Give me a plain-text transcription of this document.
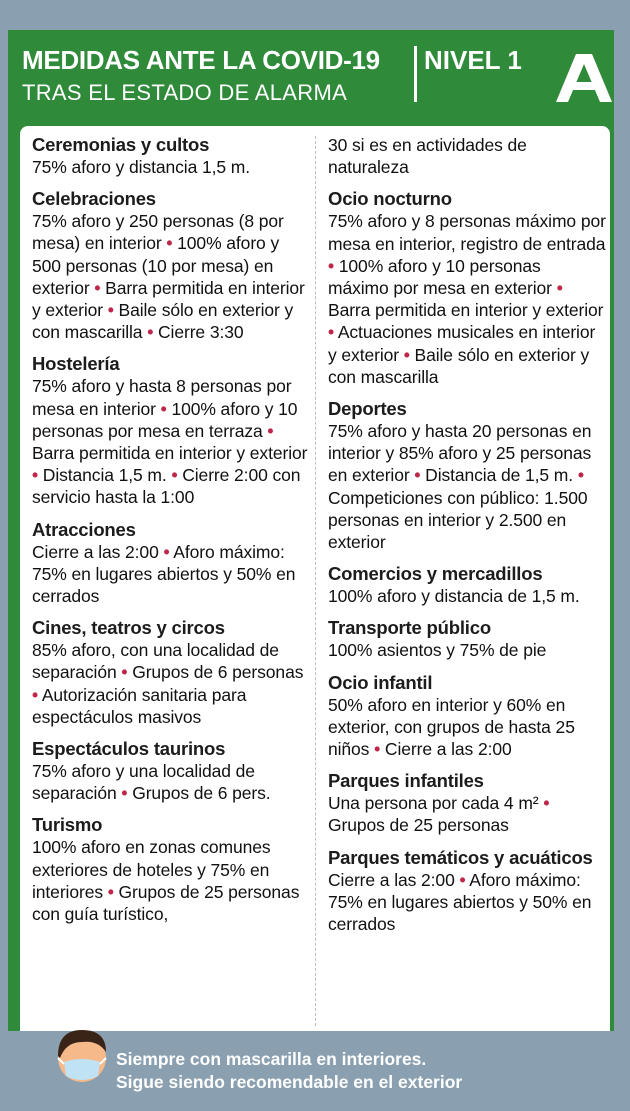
MEDIDAS ANTE LA COVID-19 NIVEL 1
TRAS EL ESTADO DE ALARMA
Ceremonias y cultos
75% aforo y distancia 1,5 m.
Celebraciones
75% aforo y 250 personas (8 por mesa) en interior • 100% aforo y 500 personas (10 por mesa) en exterior • Barra permitida en interior y exterior • Baile sólo en exterior y con mascarilla • Cierre 3:30
Hostelería
75% aforo y hasta 8 personas por mesa en interior • 100% aforo y 10 personas por mesa en terraza • Barra permitida en interior y exterior • Distancia 1,5 m. • Cierre 2:00 con servicio hasta la 1:00
Atracciones
Cierre a las 2:00 • Aforo máximo: 75% en lugares abiertos y 50% en cerrados
Cines, teatros y circos
85% aforo, con una localidad de separación • Grupos de 6 personas • Autorización sanitaria para espectáculos masivos
Espectáculos taurinos
75% aforo y una localidad de separación • Grupos de 6 pers.
Turismo
100% aforo en zonas comunes exteriores de hoteles y 75% en interiores • Grupos de 25 personas con guía turístico,
30 si es en actividades de naturaleza
Ocio nocturno
75% aforo y 8 personas máximo por mesa en interior, registro de entrada • 100% aforo y 10 personas máximo por mesa en exterior • Barra permitida en interior y exterior • Actuaciones musicales en interior y exterior • Baile sólo en exterior y con mascarilla
Deportes
75% aforo y hasta 20 personas en interior y 85% aforo y 25 personas en exterior • Distancia de 1,5 m. • Competiciones con público: 1.500 personas en interior y 2.500 en exterior
Comercios y mercadillos
100% aforo y distancia de 1,5 m.
Transporte público
100% asientos y 75% de pie
Ocio infantil
50% aforo en interior y 60% en exterior, con grupos de hasta 25 niños • Cierre a las 2:00
Parques infantiles
Una persona por cada 4 m² • Grupos de 25 personas
Parques temáticos y acuáticos
Cierre a las 2:00 • Aforo máximo: 75% en lugares abiertos y 50% en cerrados
Siempre con mascarilla en interiores.
Sigue siendo recomendable en el exterior
